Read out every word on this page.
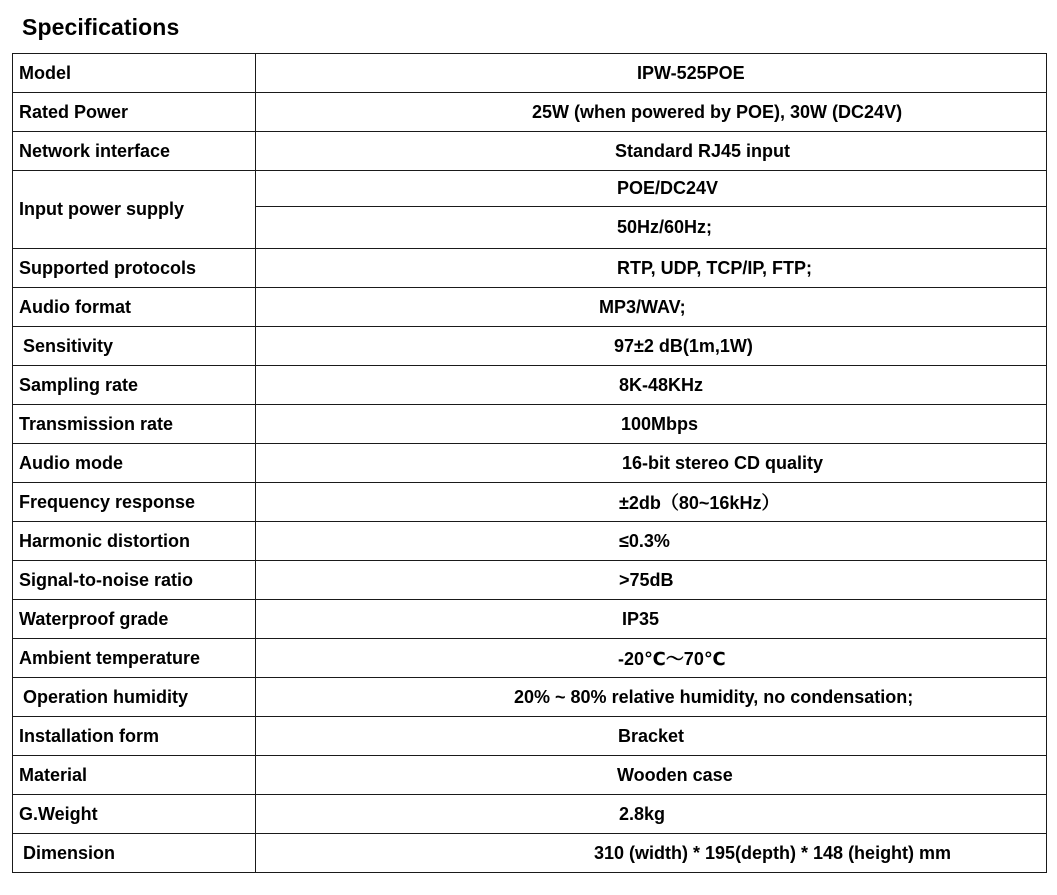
Specifications
Model	IPW-525POE
Rated Power	25W (when powered by POE), 30W (DC24V)
Network interface	Standard RJ45 input
Input power supply	POE/DC24V
	50Hz/60Hz;
Supported protocols	RTP, UDP, TCP/IP, FTP;
Audio format	MP3/WAV;
Sensitivity	97±2 dB(1m,1W)
Sampling rate	8K-48KHz
Transmission rate	100Mbps
Audio mode	16-bit stereo CD quality
Frequency response	±2db（80~16kHz）
Harmonic distortion	≤0.3%
Signal-to-noise ratio	>75dB
Waterproof grade	IP35
Ambient temperature	-20℃～70℃
Operation humidity	20% ~ 80% relative humidity, no condensation;
Installation form	Bracket
Material	Wooden case
G.Weight	2.8kg
Dimension	310 (width) * 195(depth) * 148 (height) mm
